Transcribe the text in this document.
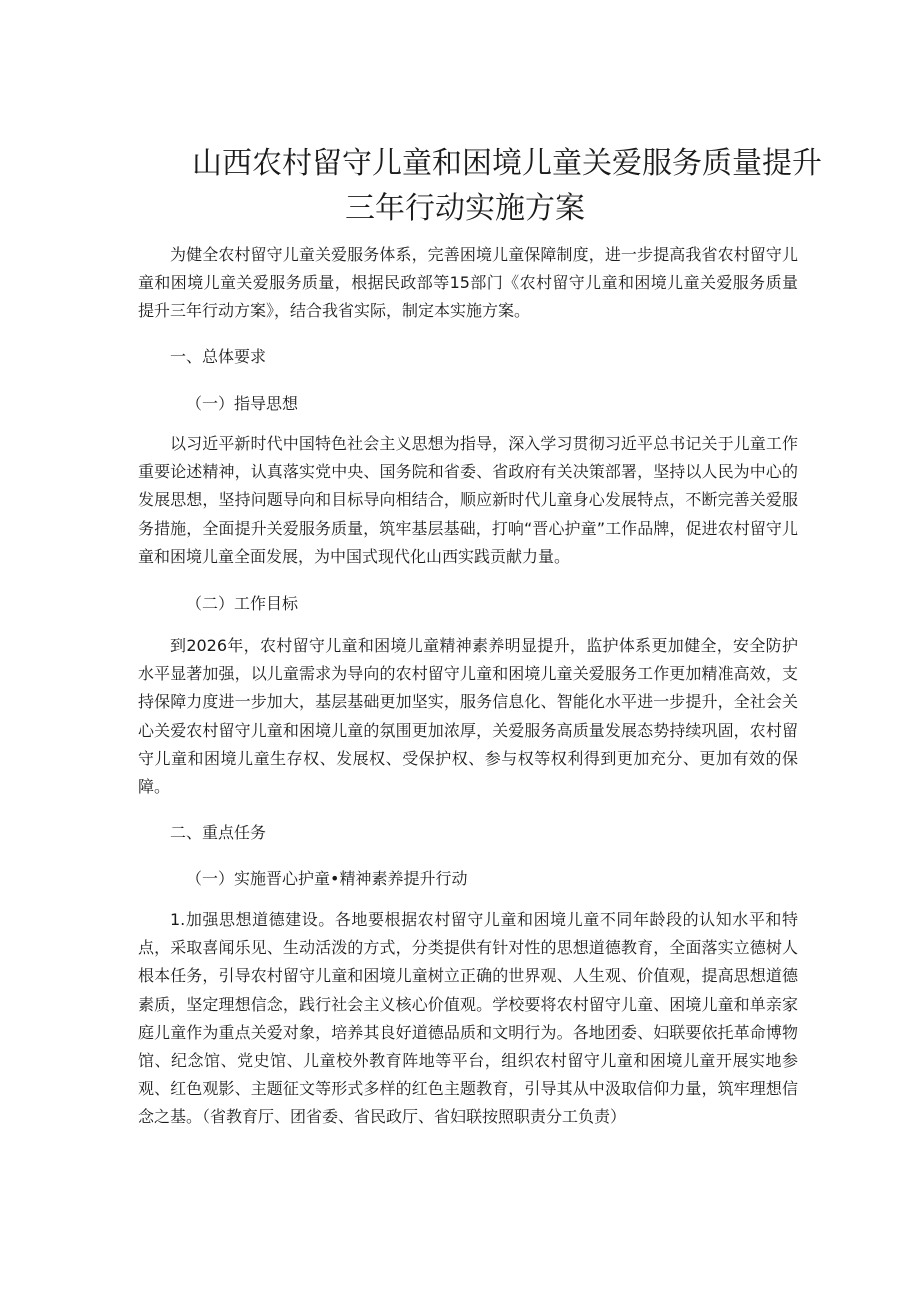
山西农村留守儿童和困境儿童关爱服务质量提升
三年行动实施方案

为健全农村留守儿童关爱服务体系，完善困境儿童保障制度，进一步提高我省农村留守儿童和困境儿童关爱服务质量，根据民政部等15部门《农村留守儿童和困境儿童关爱服务质量提升三年行动方案》，结合我省实际，制定本实施方案。

一、总体要求

（一）指导思想

以习近平新时代中国特色社会主义思想为指导，深入学习贯彻习近平总书记关于儿童工作重要论述精神，认真落实党中央、国务院和省委、省政府有关决策部署，坚持以人民为中心的发展思想，坚持问题导向和目标导向相结合，顺应新时代儿童身心发展特点，不断完善关爱服务措施，全面提升关爱服务质量，筑牢基层基础，打响“晋心护童”工作品牌，促进农村留守儿童和困境儿童全面发展，为中国式现代化山西实践贡献力量。

（二）工作目标

到2026年，农村留守儿童和困境儿童精神素养明显提升，监护体系更加健全，安全防护水平显著加强，以儿童需求为导向的农村留守儿童和困境儿童关爱服务工作更加精准高效，支持保障力度进一步加大，基层基础更加坚实，服务信息化、智能化水平进一步提升，全社会关心关爱农村留守儿童和困境儿童的氛围更加浓厚，关爱服务高质量发展态势持续巩固，农村留守儿童和困境儿童生存权、发展权、受保护权、参与权等权利得到更加充分、更加有效的保障。

二、重点任务

（一）实施晋心护童•精神素养提升行动

1.加强思想道德建设。各地要根据农村留守儿童和困境儿童不同年龄段的认知水平和特点，采取喜闻乐见、生动活泼的方式，分类提供有针对性的思想道德教育，全面落实立德树人根本任务，引导农村留守儿童和困境儿童树立正确的世界观、人生观、价值观，提高思想道德素质，坚定理想信念，践行社会主义核心价值观。学校要将农村留守儿童、困境儿童和单亲家庭儿童作为重点关爱对象，培养其良好道德品质和文明行为。各地团委、妇联要依托革命博物馆、纪念馆、党史馆、儿童校外教育阵地等平台，组织农村留守儿童和困境儿童开展实地参观、红色观影、主题征文等形式多样的红色主题教育，引导其从中汲取信仰力量，筑牢理想信念之基。（省教育厅、团省委、省民政厅、省妇联按照职责分工负责）
